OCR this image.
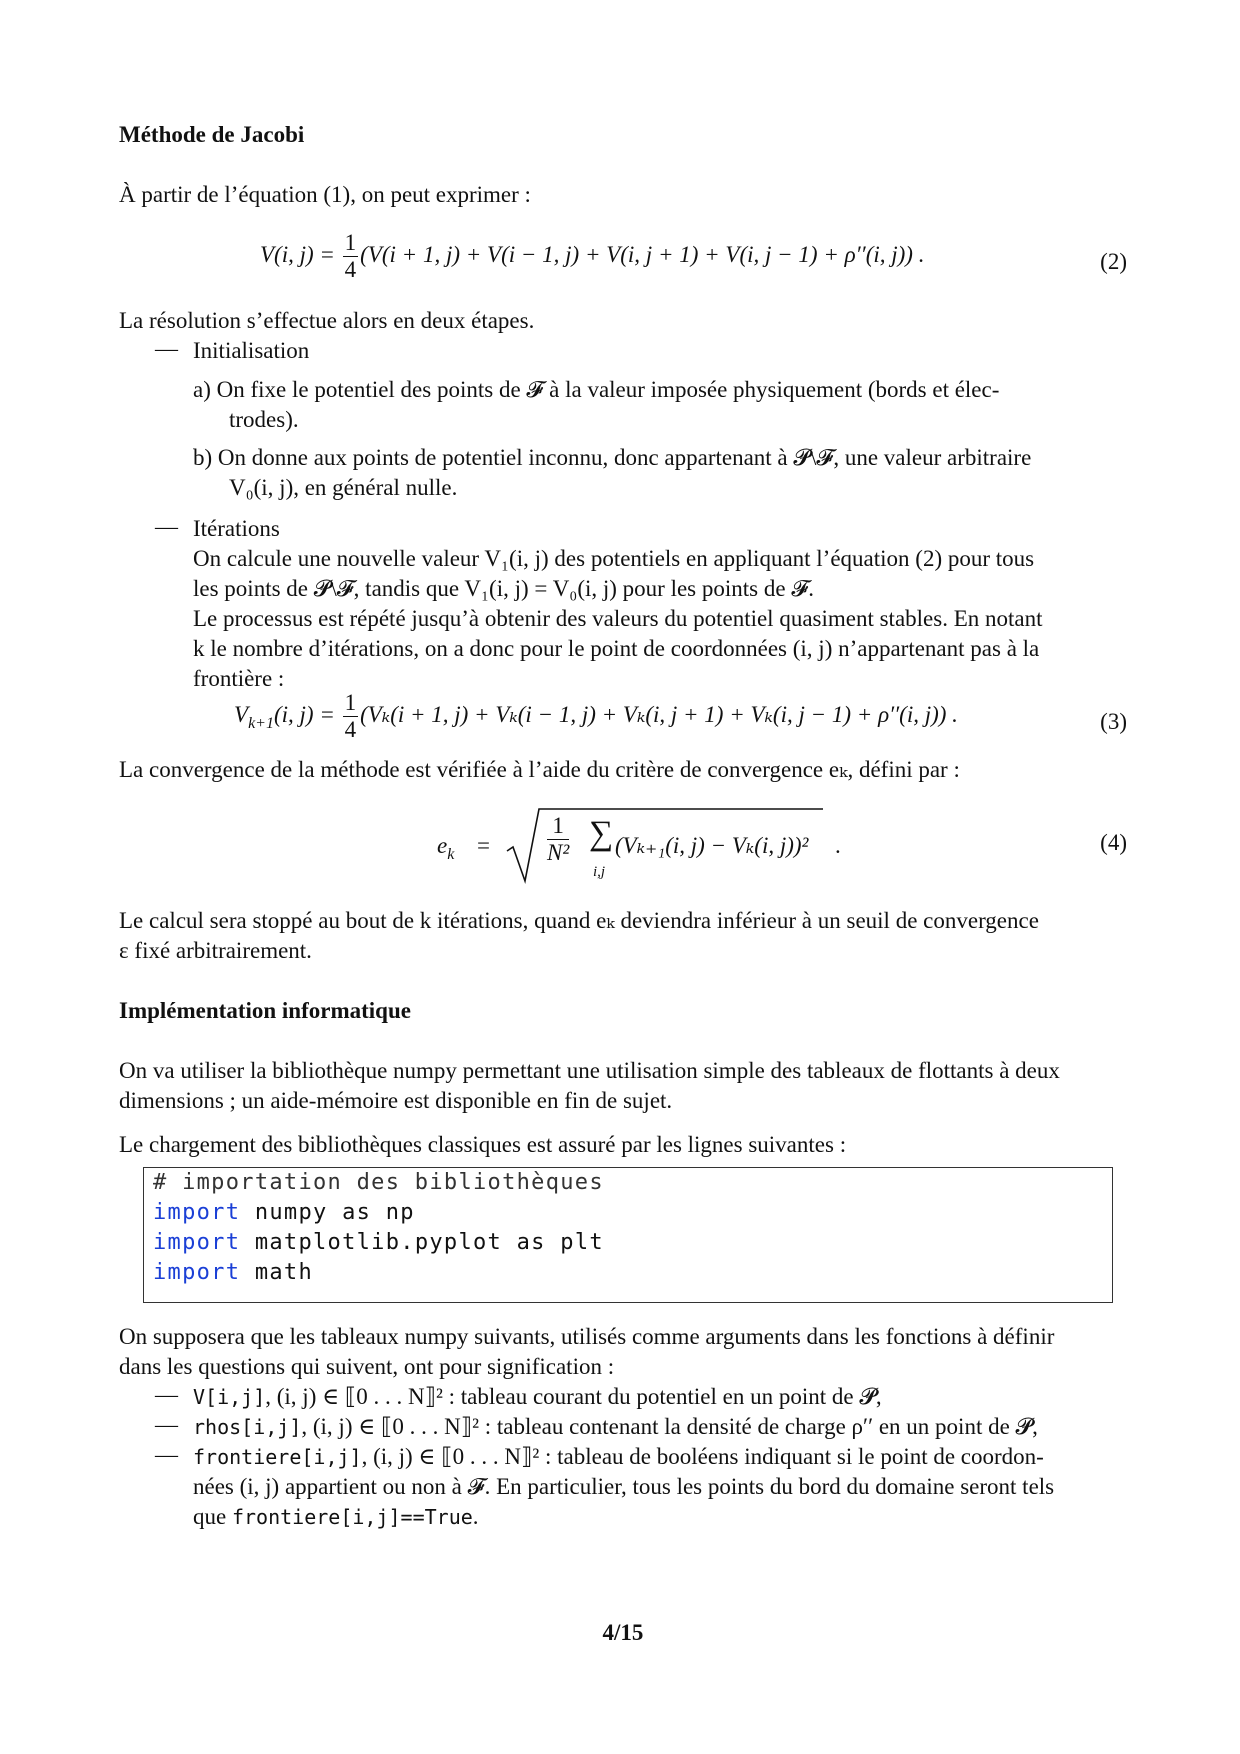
Méthode de Jacobi
À partir de l’équation (1), on peut exprimer :
V(i, $j) = \frac{1}{4} (V(i + 1$, j) + V(i − 1, j) + V(i, j + 1) + V(i, j − 1) + ρ′′(i, j)) .	(2)
La résolution s’effectue alors en deux étapes.
— Initialisation
a) On fixe le potentiel des points de 𝓕 à la valeur imposée physiquement (bords et élec-
trodes).
b) On donne aux points de potentiel inconnu, donc appartenant à 𝓟\𝓕, une valeur arbitraire
V₀(i, j), en général nulle.
— Itérations
On calcule une nouvelle valeur V₁(i, j) des potentiels en appliquant l’équation (2) pour tous
les points de 𝓟\𝓕, tandis que V₁(i, j) = V₀(i, j) pour les points de 𝓕.
Le processus est répété jusqu’à obtenir des valeurs du potentiel quasiment stables. En notant
k le nombre d’itérations, on a donc pour le point de coordonnées (i, j) n’appartenant pas à la
frontière :
$V_{k+1}(i$, $j) = \frac{1}{4} (V_k(i + 1$, j) + Vₖ(i − 1, j) + Vₖ(i, j + 1) + Vₖ(i, j − 1) + ρ′′(i, j)) .	(3)
La convergence de la méthode est vérifiée à l’aide du critère de convergence eₖ, défini par :
$e_k = \frac{1}{\text{N²}}$ ∑
i,j
(Vₖ₊₁(i, j) − Vₖ(i, j))² .	(4)
Le calcul sera stoppé au bout de k itérations, quand eₖ deviendra inférieur à un seuil de convergence
ε fixé arbitrairement.
Implémentation informatique
On va utiliser la bibliothèque numpy permettant une utilisation simple des tableaux de flottants à deux
dimensions ; un aide-mémoire est disponible en fin de sujet.
Le chargement des bibliothèques classiques est assuré par les lignes suivantes :
# importation des bibliothèques
import numpy as np
import matplotlib.pyplot as plt
import math
On supposera que les tableaux numpy suivants, utilisés comme arguments dans les fonctions à définir
dans les questions qui suivent, ont pour signification :
— V[i,j], (i, j) ∈ ⟦0 . . . N⟧² : tableau courant du potentiel en un point de 𝓟,
— rhos[i,j], (i, j) ∈ ⟦0 . . . N⟧² : tableau contenant la densité de charge ρ′′ en un point de 𝓟,
— frontiere[i,j], (i, j) ∈ ⟦0 . . . N⟧² : tableau de booléens indiquant si le point de coordon-
nées (i, j) appartient ou non à 𝓕. En particulier, tous les points du bord du domaine seront tels
que frontiere[i,j]==True.
4/15
